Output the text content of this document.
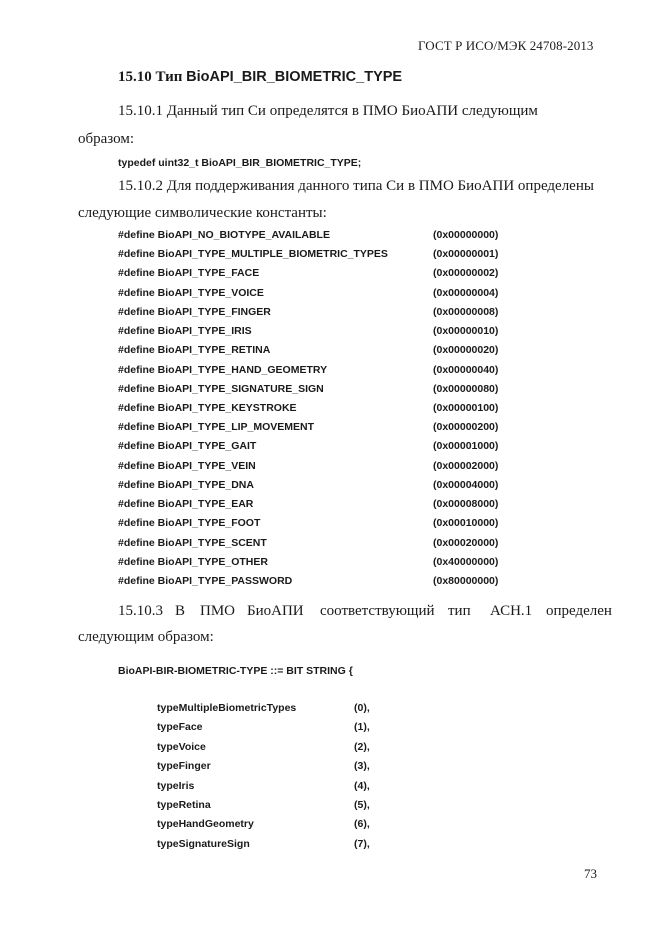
ГОСТ Р ИСО/МЭК 24708-2013
15.10 Тип BioAPI_BIR_BIOMETRIC_TYPE
15.10.1 Данный тип Си определятся в ПМО БиоАПИ следующим
образом:
typedef uint32_t BioAPI_BIR_BIOMETRIC_TYPE;
15.10.2 Для поддерживания данного типа Си в ПМО БиоАПИ определены
следующие символические константы:
#define BioAPI_NO_BIOTYPE_AVAILABLE	(0x00000000)
#define BioAPI_TYPE_MULTIPLE_BIOMETRIC_TYPES	(0x00000001)
#define BioAPI_TYPE_FACE	(0x00000002)
#define BioAPI_TYPE_VOICE	(0x00000004)
#define BioAPI_TYPE_FINGER	(0x00000008)
#define BioAPI_TYPE_IRIS	(0x00000010)
#define BioAPI_TYPE_RETINA	(0x00000020)
#define BioAPI_TYPE_HAND_GEOMETRY	(0x00000040)
#define BioAPI_TYPE_SIGNATURE_SIGN	(0x00000080)
#define BioAPI_TYPE_KEYSTROKE	(0x00000100)
#define BioAPI_TYPE_LIP_MOVEMENT	(0x00000200)
#define BioAPI_TYPE_GAIT	(0x00001000)
#define BioAPI_TYPE_VEIN	(0x00002000)
#define BioAPI_TYPE_DNA	(0x00004000)
#define BioAPI_TYPE_EAR	(0x00008000)
#define BioAPI_TYPE_FOOT	(0x00010000)
#define BioAPI_TYPE_SCENT	(0x00020000)
#define BioAPI_TYPE_OTHER	(0x40000000)
#define BioAPI_TYPE_PASSWORD	(0x80000000)
15.10.3 В ПМО БиоАПИ соответствующий тип АСН.1 определен
следующим образом:
BioAPI-BIR-BIOMETRIC-TYPE ::= BIT STRING {
typeMultipleBiometricTypes	(0),
typeFace	(1),
typeVoice	(2),
typeFinger	(3),
typeIris	(4),
typeRetina	(5),
typeHandGeometry	(6),
typeSignatureSign	(7),
73
